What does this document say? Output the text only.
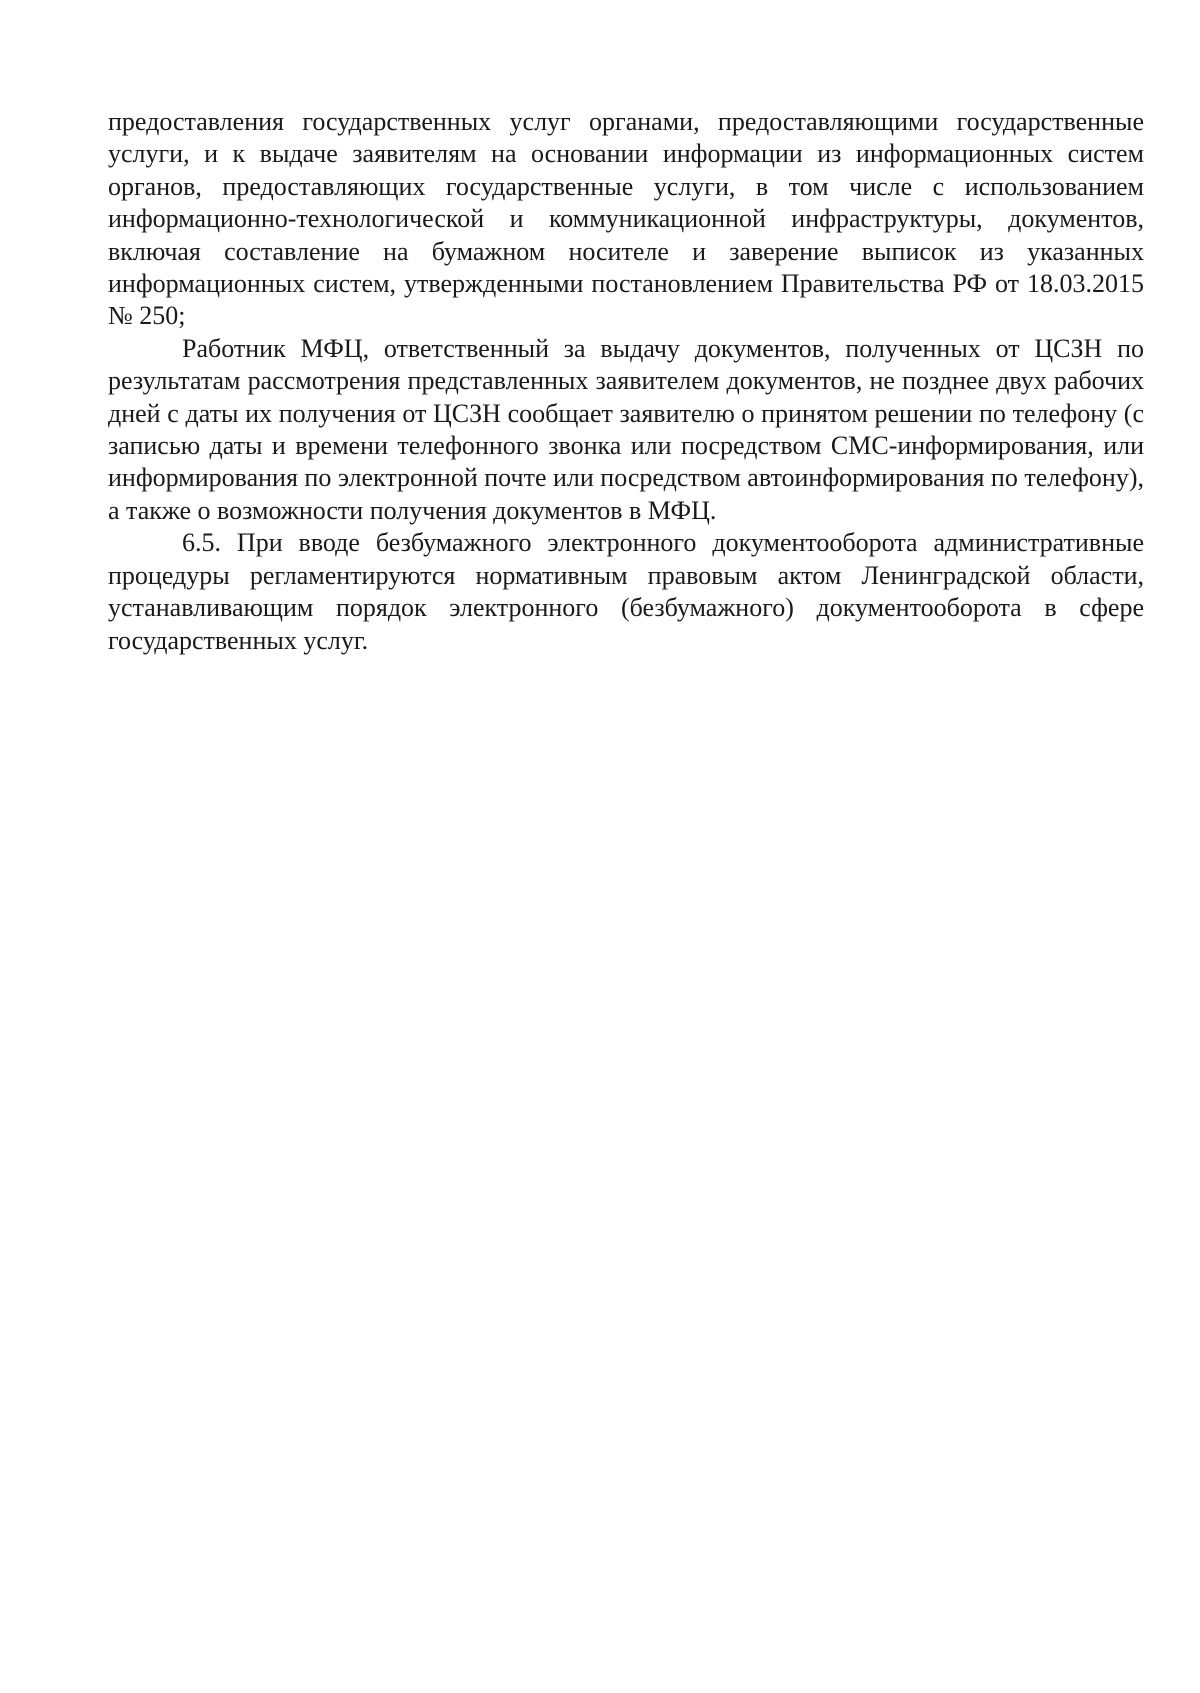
предоставления государственных услуг органами, предоставляющими государственные услуги, и к выдаче заявителям на основании информации из информационных систем органов, предоставляющих государственные услуги, в том числе с использованием информационно-технологической и коммуникационной инфраструктуры, документов, включая составление на бумажном носителе и заверение выписок из указанных информационных систем, утвержденными постановлением Правительства РФ от 18.03.2015 № 250;

Работник МФЦ, ответственный за выдачу документов, полученных от ЦСЗН по результатам рассмотрения представленных заявителем документов, не позднее двух рабочих дней с даты их получения от ЦСЗН сообщает заявителю о принятом решении по телефону (с записью даты и времени телефонного звонка или посредством СМС-информирования, или информирования по электронной почте или посредством автоинформирования по телефону), а также о возможности получения документов в МФЦ.

6.5. При вводе безбумажного электронного документооборота административные процедуры регламентируются нормативным правовым актом Ленинградской области, устанавливающим порядок электронного (безбумажного) документооборота в сфере государственных услуг.
